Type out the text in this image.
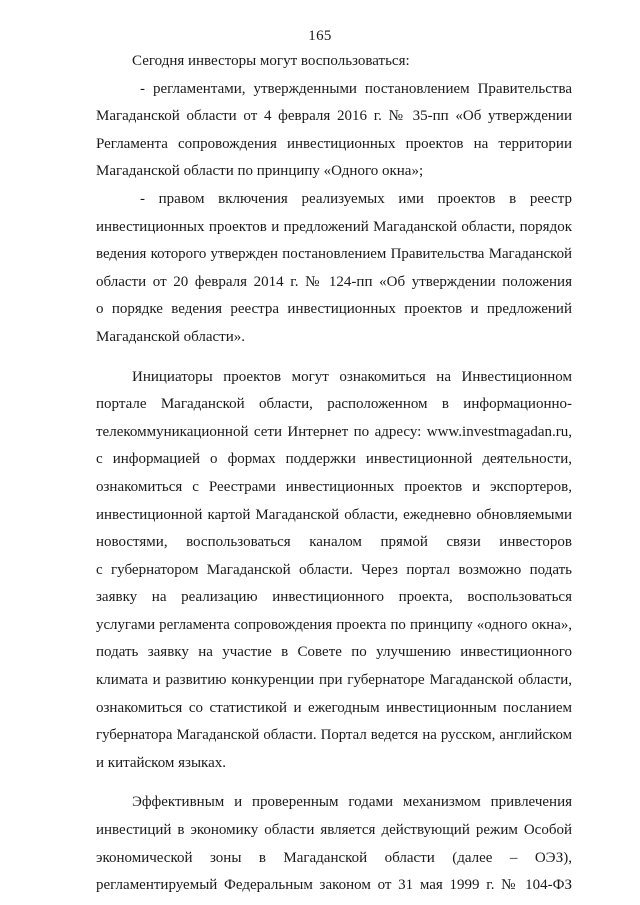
165

Сегодня инвесторы могут воспользоваться:

- регламентами, утвержденными постановлением Правительства
Магаданской области от 4 февраля 2016 г. № 35-пп «Об утверждении
Регламента сопровождения инвестиционных проектов на территории
Магаданской области по принципу «Одного окна»;

- правом включения реализуемых ими проектов в реестр
инвестиционных проектов и предложений Магаданской области, порядок
ведения которого утвержден постановлением Правительства Магаданской
области от 20 февраля 2014 г. № 124-пп «Об утверждении положения
о порядке ведения реестра инвестиционных проектов и предложений
Магаданской области».

Инициаторы проектов могут ознакомиться на Инвестиционном
портале Магаданской области, расположенном в информационно-
телекоммуникационной сети Интернет по адресу: www.investmagadan.ru,
с информацией о формах поддержки инвестиционной деятельности,
ознакомиться с Реестрами инвестиционных проектов и экспортеров,
инвестиционной картой Магаданской области, ежедневно обновляемыми
новостями, воспользоваться каналом прямой связи инвесторов
с губернатором Магаданской области. Через портал возможно подать
заявку на реализацию инвестиционного проекта, воспользоваться
услугами регламента сопровождения проекта по принципу «одного окна»,
подать заявку на участие в Совете по улучшению инвестиционного
климата и развитию конкуренции при губернаторе Магаданской области,
ознакомиться со статистикой и ежегодным инвестиционным посланием
губернатора Магаданской области. Портал ведется на русском, английском
и китайском языках.

Эффективным и проверенным годами механизмом привлечения
инвестиций в экономику области является действующий режим Особой
экономической зоны в Магаданской области (далее – ОЭЗ),
регламентируемый Федеральным законом от 31 мая 1999 г. № 104-ФЗ
